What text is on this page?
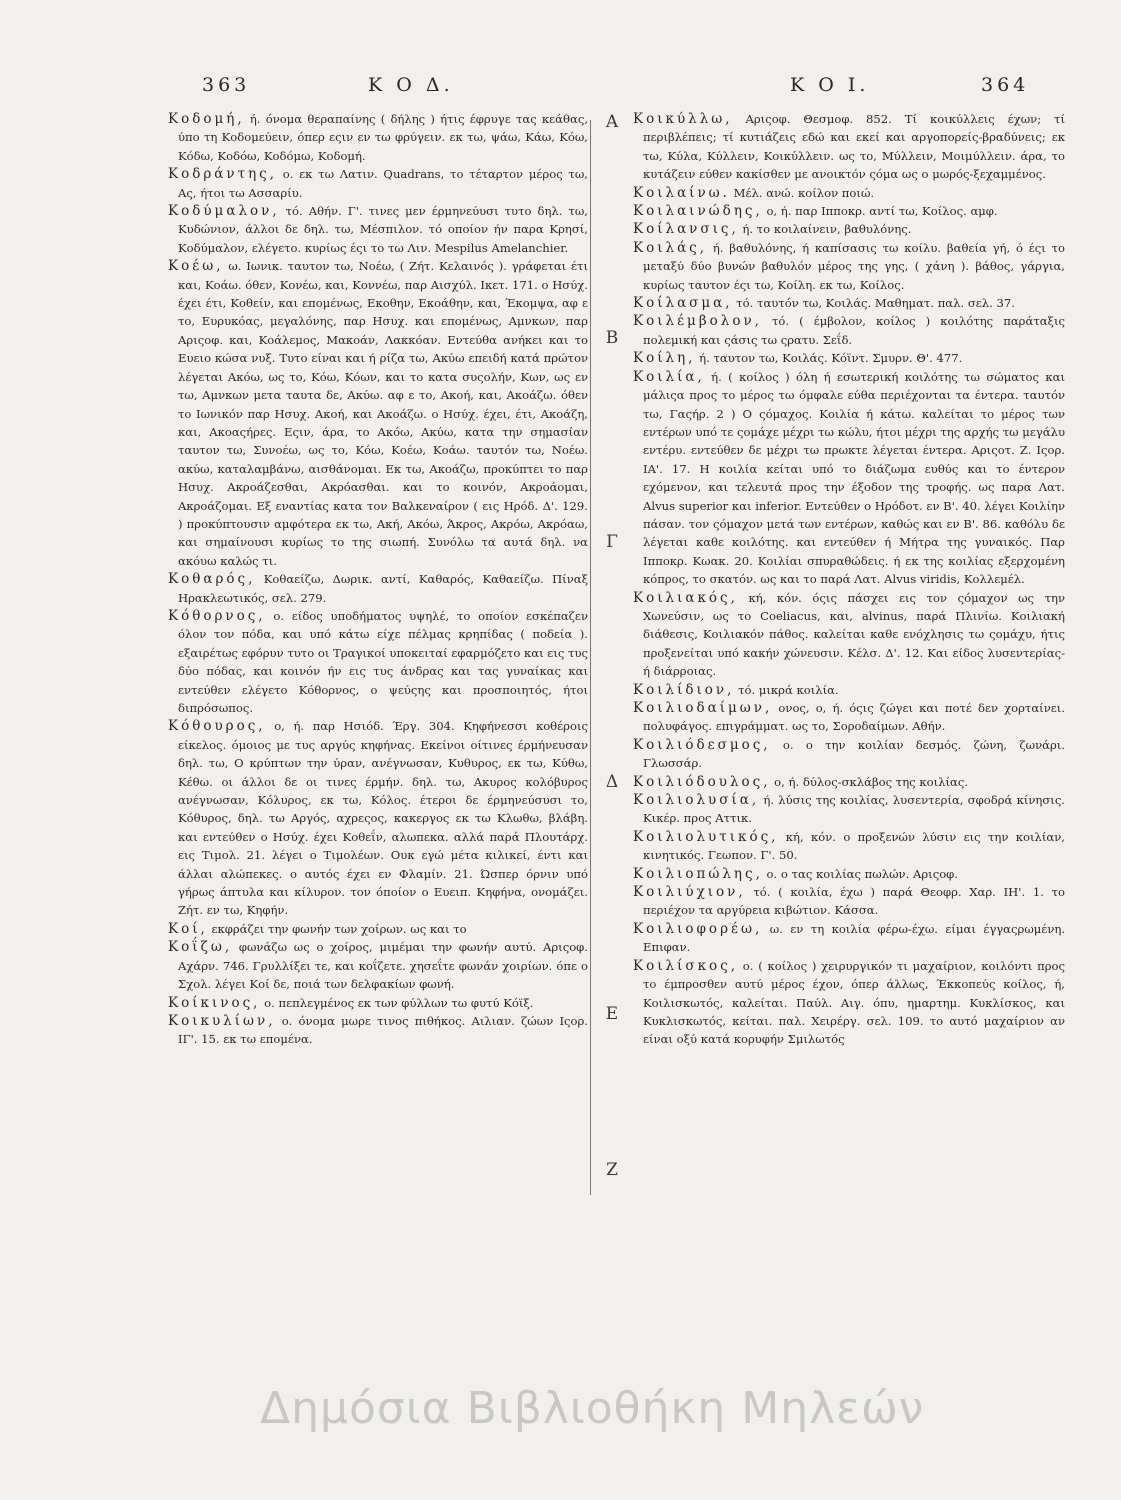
363	Κ Ο Δ.	Κ Ο Ι.	364

Κοδομή, ή. όνομα θεραπαίνης ( δήλης ) ήτις έφρυγε τας κεάθας, ύπο τη Κοδομεύειν, όπερ εςιν εν τω φρύγειν. εκ τω, ψάω, Κάω, Κόω, Κόδω, Κοδόω, Κοδόμω, Κοδομή.

Κοδράντης, ο. εκ τω Λατιν. Quadrans, το τέταρτον μέρος τω, Ας, ήτοι τω Ασσαρίυ.

Κοδύμαλον, τό. Αθήν. Γ'. τινες μεν έρμηνεύυσι τυτο δηλ. τω, Κυδώνιον, άλλοι δε δηλ. τω, Μέσπιλον. τό οποίον ήν παρα Κρησί, Κοδύμαλον, ελέγετο. κυρίως έςι το τω Λιν. Mespilus Amelanchier.

Κοέω, ω. Ιωνικ. ταυτον τω, Νοέω, ( Ζήτ. Κελαινός ). γράφεται έτι και, Κοάω. όθεν, Κονέω, και, Κοννέω, παρ Αισχύλ. Ικετ. 171. ο Ησύχ. έχει έτι, Κοθείν, και επομένως, Εκοθην, Εκοάθην, και, Έκομψα, αφ ε το, Ευρυκόας, μεγαλόνης, παρ Ησυχ. και επομένως, Αμνκων, παρ Αριςοφ. και, Κοάλεμος, Μακοάν, Λακκόαν. Εντεύθα ανήκει και το Ευειο κώσα νυξ. Τυτο είναι και ή ρίζα τω, Ακύω επειδή κατά πρώτον λέγεται Ακόω, ως το, Κόω, Κόων, και το κατα συςολήν, Κων, ως εν τω, Αμνκων μετα ταυτα δε, Ακύω. αφ ε το, Ακοή, και, Ακοάζω. όθεν το Ιωνικόν παρ Ησυχ. Ακοή, και Ακοάζω. ο Ησύχ. έχει, έτι, Ακοάζη, και, Ακοαςήρες. Εςιν, άρα, το Ακόω, Ακύω, κατα την σημασίαν ταυτον τω, Συνοέω, ως το, Κόω, Κοέω, Κοάω. ταυτόν τω, Νοέω. ακύω, καταλαμβάνω, αισθάνομαι. Εκ τω, Ακοάζω, προκύπτει το παρ Ησυχ. Ακροάζεσθαι, Ακρόασθαι. και το κοινόν, Ακροάομαι, Ακροάζομαι. Εξ εναντίας κατα τον Βαλκεναίρον ( εις Ηρόδ. Δ'. 129. ) προκύπτουσιν αμφότερα εκ τω, Ακή, Ακόω, Άκρος, Ακρόω, Ακρόαω, και σημαίνουσι κυρίως το της σιωπή. Συνόλω τα αυτά δηλ. να ακόυω καλώς τι.

Κοθαρός, Κοθαείζω, Δωρικ. αντί, Καθαρός, Καθαείζω. Πίναξ Ηρακλεωτικός, σελ. 279.

Κόθορνος, ο. είδος υποδήματος υψηλέ, το οποίον εσκέπαζεν όλον τον πόδα, και υπό κάτω είχε πέλμας κρηπίδας ( ποδεία ). εξαιρέτως εφόρυν τυτο οι Τραγικοί υποκειταί εφαρμόζετο και εις τυς δύο πόδας, και κοινόν ήν εις τυς άνδρας και τας γυναίκας και εντεύθεν ελέγετο Κόθορνος, ο ψεύςης και προσποιητός, ήτοι διπρόσωπος.

Κόθουρος, ο, ή. παρ Ησιόδ. Έργ. 304. Κηφήνεσσι κοθέροις είκελος. όμοιος με τυς αργύς κηφήνας. Εκείνοι οίτινες έρμήνευσαν δηλ. τω, Ο κρύπτων την ύραν, ανέγνωσαν, Κυθυρος, εκ τω, Κύθω, Κέθω. οι άλλοι δε οι τινες έρμήν. δηλ. τω, Ακυρος κολόβυρος ανέγνωσαν, Κόλυρος, εκ τω, Κόλος. έτεροι δε έρμηνεύσυσι το, Κόθυρος, δηλ. τω Αργός, αχρεςος, κακεργος εκ τω Κλωθω, βλάβη. και εντεύθεν ο Ησύχ. έχει Κοθεΐν, αλωπεκα. αλλά παρά Πλουτάρχ. εις Τιμολ. 21. λέγει ο Τιμολέων. Ουκ εγώ μέτα κιλικεί, έντι και άλλαι αλώπεκες. ο αυτός έχει εν Φλαμίν. 21. Ώσπερ όρνιν υπό γήρως άπτυλα και κίλυρον. τον όποίον ο Ευειπ. Κηφήνα, ονομάζει. Ζήτ. εν τω, Κηφήν.

Κοί, εκφράζει την φωνήν των χοίρων. ως και το

Κοΐζω, φωνάζω ως ο χοίρος, μιμέμαι την φωνήν αυτύ. Αριςοφ. Αχάρν. 746. Γρυλλίξει τε, και κοΐζετε. χησεΐτε φωνάν χοιρίων. όπε ο Σχολ. λέγει Κοί δε, ποιά των δελφακίων φωνή.

Κοίκινος, ο. πεπλεγμένος εκ των φύλλων τω φυτύ Κόϊξ.

Κοικυλίων, ο. όνομα μωρε τινος πιθήκος. Αιλιαν. ζώων Ιςορ. ΙΓ'. 15. εκ τω επομένα.

Α
Β
Γ
Δ
Ε
Ζ

Κοικύλλω, Αριςοφ. Θεσμοφ. 852. Τί κοικύλλεις έχων; τί περιβλέπεις; τί κυτιάζεις εδώ και εκεί και αργοπορείς-βραδύνεις; εκ τω, Κύλα, Κύλλειν, Κοικύλλειν. ως το, Μύλλειν, Μοιμύλλειν. άρα, το κυτάζειν εύθεν κακίσθεν με ανοικτόν ςόμα ως ο μωρός-ξεχαμμένος.

Κοιλαίνω. Μέλ. ανώ. κοίλον ποιώ.

Κοιλαινώδης, ο, ή. παρ Ιπποκρ. αντί τω, Κοίλος. αμφ.

Κοίλανσις, ή. το κοιλαίνειν, βαθυλόνης.

Κοιλάς, ή. βαθυλόνης, ή καπίσασις τω κοίλυ. βαθεία γή, ό έςι το μεταξύ δύο βυνών βαθυλόν μέρος της γης, ( χάνη ). βάθος, γάργια, κυρίως ταυτον έςι τω, Κοίλη. εκ τω, Κοίλος.

Κοίλασμα, τό. ταυτόν τω, Κοιλάς. Μαθηματ. παλ. σελ. 37.

Κοιλέμβολον, τό. ( έμβολον, κοίλος ) κοιλότης παράταξις πολεμική και ςάσις τω ςρατυ. Σεΐδ.

Κοίλη, ή. ταυτον τω, Κοιλάς. Κόϊντ. Σμυρν. Θ'. 477.

Κοιλία, ή. ( κοίλος ) όλη ή εσωτερική κοιλότης τω σώματος και μάλιςα προς το μέρος τω όμφαλε εύθα περιέχονται τα έντερα. ταυτόν τω, Γαςήρ. 2 ) Ο ςόμαχος. Κοιλία ή κάτω. καλείται το μέρος των εντέρων υπό τε ςομάχε μέχρι τω κώλυ, ήτοι μέχρι της αρχής τω μεγάλυ εντέρυ. εντεύθεν δε μέχρι τω πρωκτε λέγεται έντερα. Αριςοτ. Ζ. Ιςορ. ΙΑ'. 17. Η κοιλία κείται υπό το διάζωμα ευθύς και το έντερον εχόμενον, και τελευτά προς την έξοδον της τροφής. ως παρα Λατ. Alvus superior και inferior. Εντεύθεν ο Ηρόδοτ. εν Β'. 40. λέγει Κοιλίην πάσαν. τον ςόμαχον μετά των εντέρων, καθώς και εν Β'. 86. καθόλυ δε λέγεται καθε κοιλότης. και εντεύθεν ή Μήτρα της γυναικός. Παρ Ιπποκρ. Κωακ. 20. Κοιλίαι σπυραθώδεις. ή εκ της κοιλίας εξερχομένη κόπρος, το σκατόν. ως και το παρά Λατ. Alvus viridis, Κολλεμέλ.

Κοιλιακός, κή, κόν. όςις πάσχει εις τον ςόμαχον ως την Χωνεύσιν, ως το Coeliacus, και, alvinus, παρά Πλινίω. Κοιλιακή διάθεσις, Κοιλιακόν πάθος. καλείται καθε ενόχλησις τω ςομάχυ, ήτις προξενείται υπό κακήν χώνευσιν. Κέλσ. Δ'. 12. Και είδος λυσεντερίας-ή διάρροιας.

Κοιλίδιον, τό. μικρά κοιλία.

Κοιλιοδαίμων, ονος, ο, ή. όςις ζώγει και ποτέ δεν χορταίνει. πολυφάγος. επιγράμματ. ως το, Σοροδαίμων. Αθήν.

Κοιλιόδεσμος, ο. ο την κοιλίαν δεσμός. ζώνη, ζωνάρι. Γλωσσάρ.

Κοιλιόδουλος, ο, ή. δύλος-σκλάβος της κοιλίας.

Κοιλιολυσία, ή. λύσις της κοιλίας, λυσεντερία, σφοδρά κίνησις. Κικέρ. προς Αττικ.

Κοιλιολυτικός, κή, κόν. ο προξενών λύσιν εις την κοιλίαν, κινητικός. Γεωπον. Γ'. 50.

Κοιλιοπώλης, ο. ο τας κοιλίας πωλών. Αριςοφ.

Κοιλιύχιον, τό. ( κοιλία, έχω ) παρά Θεοφρ. Χαρ. ΙΗ'. 1. το περιέχον τα αργύρεια κιβώτιον. Κάσσα.

Κοιλιοφορέω, ω. εν τη κοιλία φέρω-έχω. είμαι έγγαςρωμένη. Επιφαν.

Κοιλίσκος, ο. ( κοίλος ) χειρυργικόν τι μαχαίριον, κοιλόντι προς το έμπροσθεν αυτύ μέρος έχον, όπερ άλλως, Έκκοπεύς κοίλος, ή, Κοιλισκωτός, καλείται. Παύλ. Αιγ. όπυ, ημαρτημ. Κυκλίσκος, και Κυκλισκωτός, κείται. παλ. Χειρέργ. σελ. 109. το αυτό μαχαίριον αν είναι οξύ κατά κορυφήν Σμιλωτός

Δημόσια Βιβλιοθήκη Μηλεών
